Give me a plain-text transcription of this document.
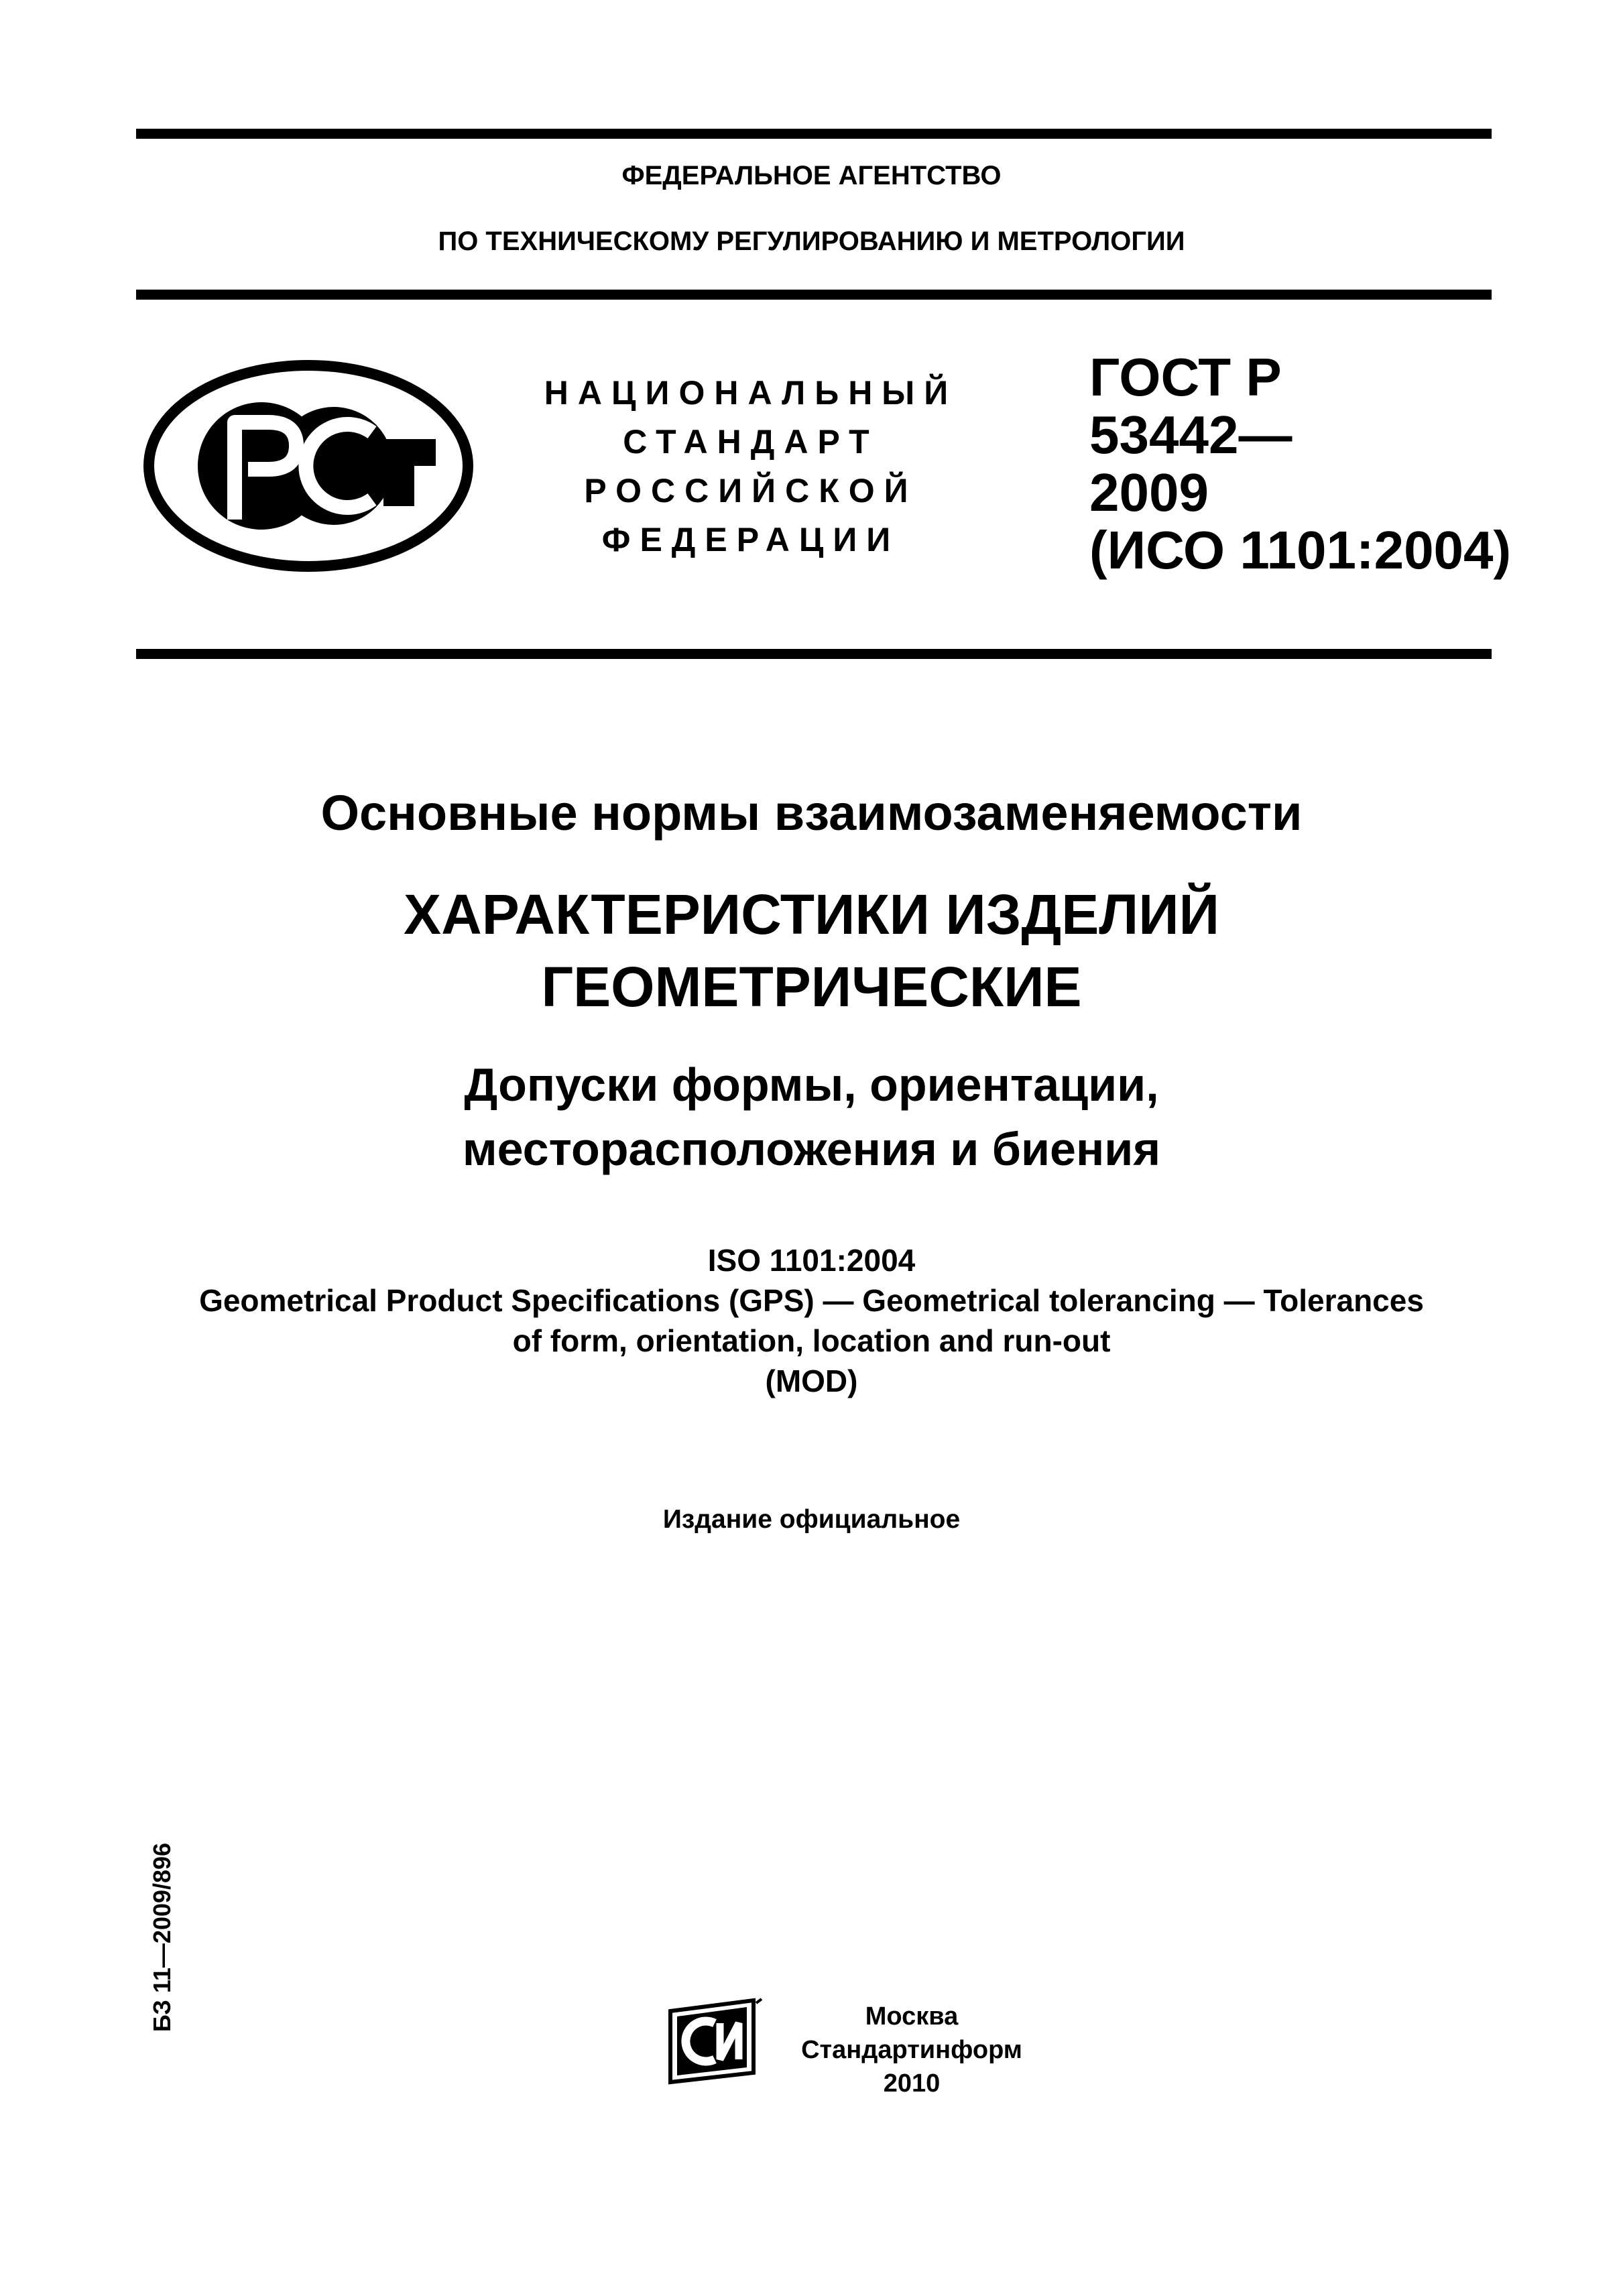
ФЕДЕРАЛЬНОЕ АГЕНТСТВО
ПО ТЕХНИЧЕСКОМУ РЕГУЛИРОВАНИЮ И МЕТРОЛОГИИ
НАЦИОНАЛЬНЫЙ
СТАНДАРТ
РОССИЙСКОЙ
ФЕДЕРАЦИИ
ГОСТ Р
53442—
2009
(ИСО 1101:2004)
Основные нормы взаимозаменяемости
ХАРАКТЕРИСТИКИ ИЗДЕЛИЙ
ГЕОМЕТРИЧЕСКИЕ
Допуски формы, ориентации,
месторасположения и биения
ISO 1101:2004
Geometrical Product Specifications (GPS) — Geometrical tolerancing — Tolerances
of form, orientation, location and run-out
(MOD)
Издание официальное
БЗ 11—2009/896	Москва
Стандартинформ
2010
